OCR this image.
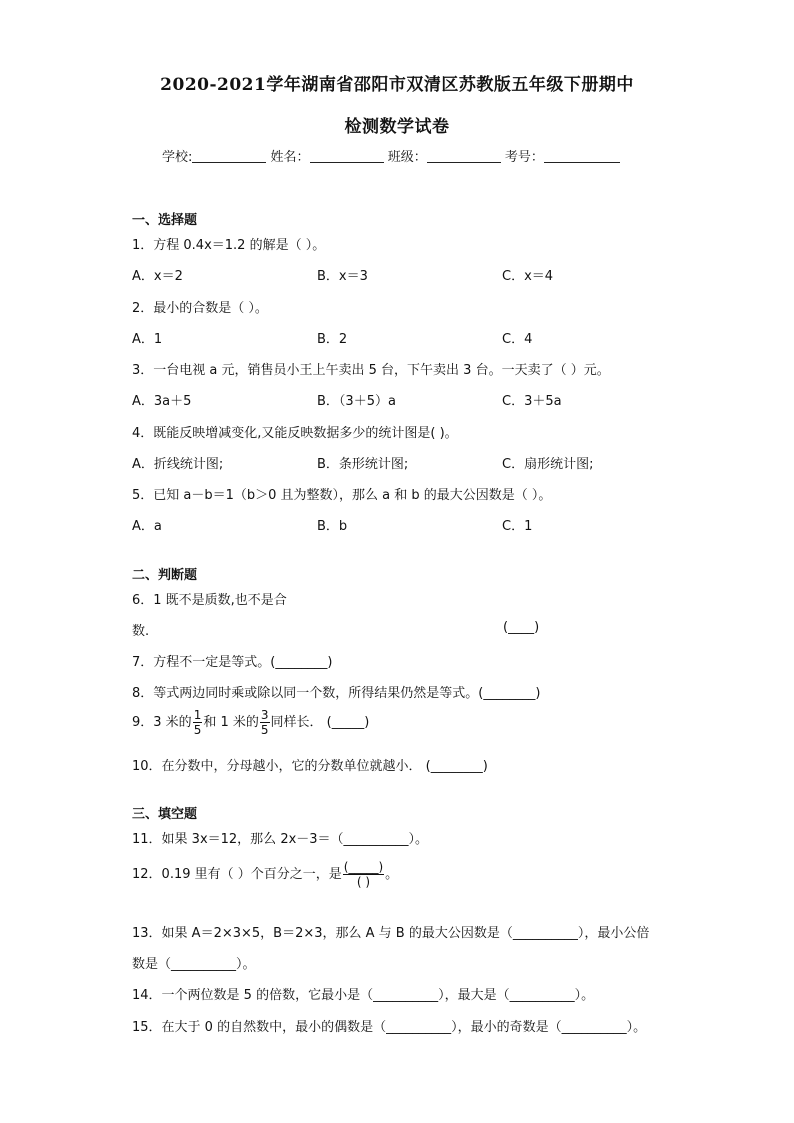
2020-2021学年湖南省邵阳市双清区苏教版五年级下册期中
检测数学试卷
学校:	姓名：	班级：	考号：
一、选择题
1．方程 0.4x＝1.2 的解是（ ）。
A．x＝2	B．x＝3	C．x＝4
2．最小的合数是（ ）。
A．1	B．2	C．4
3．一台电视 a 元，销售员小王上午卖出 5 台，下午卖出 3 台。一天卖了（ ）元。
A．3a＋5	B．（3＋5）a	C．3＋5a
4．既能反映增减变化,又能反映数据多少的统计图是( )。
A．折线统计图;	B．条形统计图;	C．扇形统计图;
5．已知 a－b＝1（b＞0 且为整数），那么 a 和 b 的最大公因数是（ ）。
A．a	B．b	C．1
二、判断题
6．1 既不是质数,也不是合
数.	(____)
7．方程不一定是等式。(________)
8．等式两边同时乘或除以同一个数，所得结果仍然是等式。(________)
9．3 米的 $\frac{1}{5}$ 和 1 米的 $\frac{3}{5}$ 同样长． (_____)
10．在分数中，分母越小，它的分数单位就越小． (________)
三、填空题
11．如果 3x＝12，那么 2x－3＝（__________）。
12．0.19 里有（ ）个百分之一，是 $\frac{(\_\_\_\_\_)}{( )}$ 。
13．如果 A＝2×3×5，B＝2×3，那么 A 与 B 的最大公因数是（__________），最小公倍
数是（__________）。
14．一个两位数是 5 的倍数，它最小是（__________），最大是（__________）。
15．在大于 0 的自然数中，最小的偶数是（__________），最小的奇数是（__________）。
